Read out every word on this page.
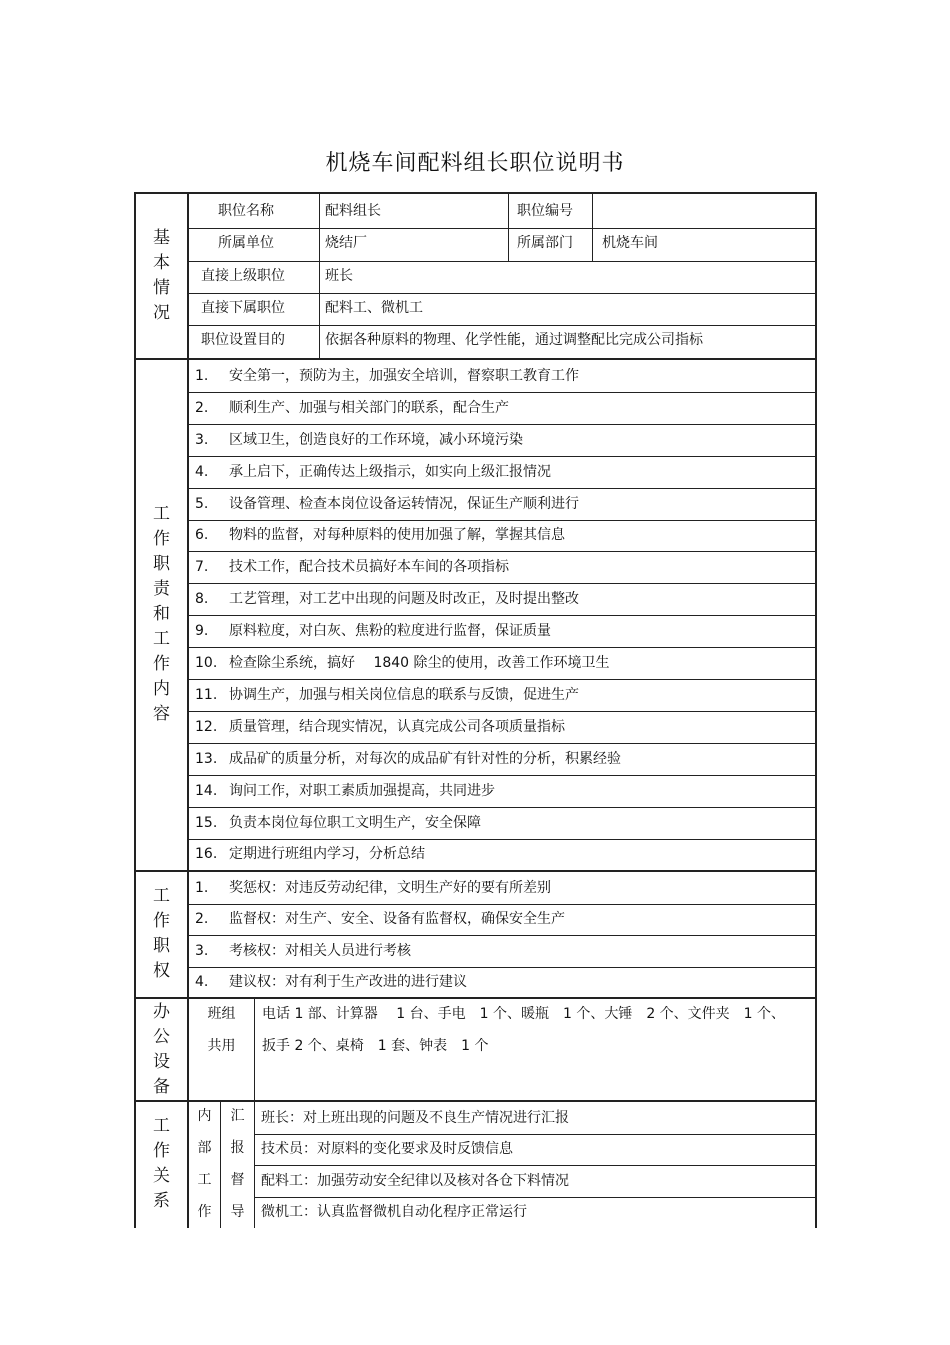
机烧车间配料组长职位说明书
基
本
情
况
职位名称	配料组长	职位编号
所属单位	烧结厂	所属部门 机烧车间
直接上级职位	班长
直接下属职位	配料工、微机工
职位设置目的	依据各种原料的物理、化学性能，通过调整配比完成公司指标
工
作
职
责
和
工
作
内
容
1. 安全第一，预防为主，加强安全培训，督察职工教育工作
2. 顺利生产、加强与相关部门的联系，配合生产
3. 区域卫生，创造良好的工作环境，减小环境污染
4. 承上启下，正确传达上级指示，如实向上级汇报情况
5. 设备管理、检查本岗位设备运转情况，保证生产顺利进行
6. 物料的监督，对每种原料的使用加强了解，掌握其信息
7. 技术工作，配合技术员搞好本车间的各项指标
8. 工艺管理，对工艺中出现的问题及时改正，及时提出整改
9. 原料粒度，对白灰、焦粉的粒度进行监督，保证质量
10. 检查除尘系统，搞好　 1840 除尘的使用，改善工作环境卫生
11. 协调生产，加强与相关岗位信息的联系与反馈，促进生产
12. 质量管理，结合现实情况，认真完成公司各项质量指标
13. 成品矿的质量分析，对每次的成品矿有针对性的分析，积累经验
14. 询问工作，对职工素质加强提高，共同进步
15. 负责本岗位每位职工文明生产，安全保障
16. 定期进行班组内学习，分析总结
工
作
职
权
1. 奖惩权：对违反劳动纪律，文明生产好的要有所差别
2. 监督权：对生产、安全、设备有监督权，确保安全生产
3. 考核权：对相关人员进行考核
4. 建议权：对有利于生产改进的进行建议
办
公
设
备
班组
共用
电话 1 部、计算器　 1 台、手电　1 个、暖瓶　1 个、大锤　2 个、文件夹　1 个、
扳手 2 个、桌椅　1 套、钟表　1 个
工
作
关
系
内
部
工
作
汇
报
督
导
班长：对上班出现的问题及不良生产情况进行汇报
技术员：对原料的变化要求及时反馈信息
配料工：加强劳动安全纪律以及核对各仓下料情况
微机工：认真监督微机自动化程序正常运行
